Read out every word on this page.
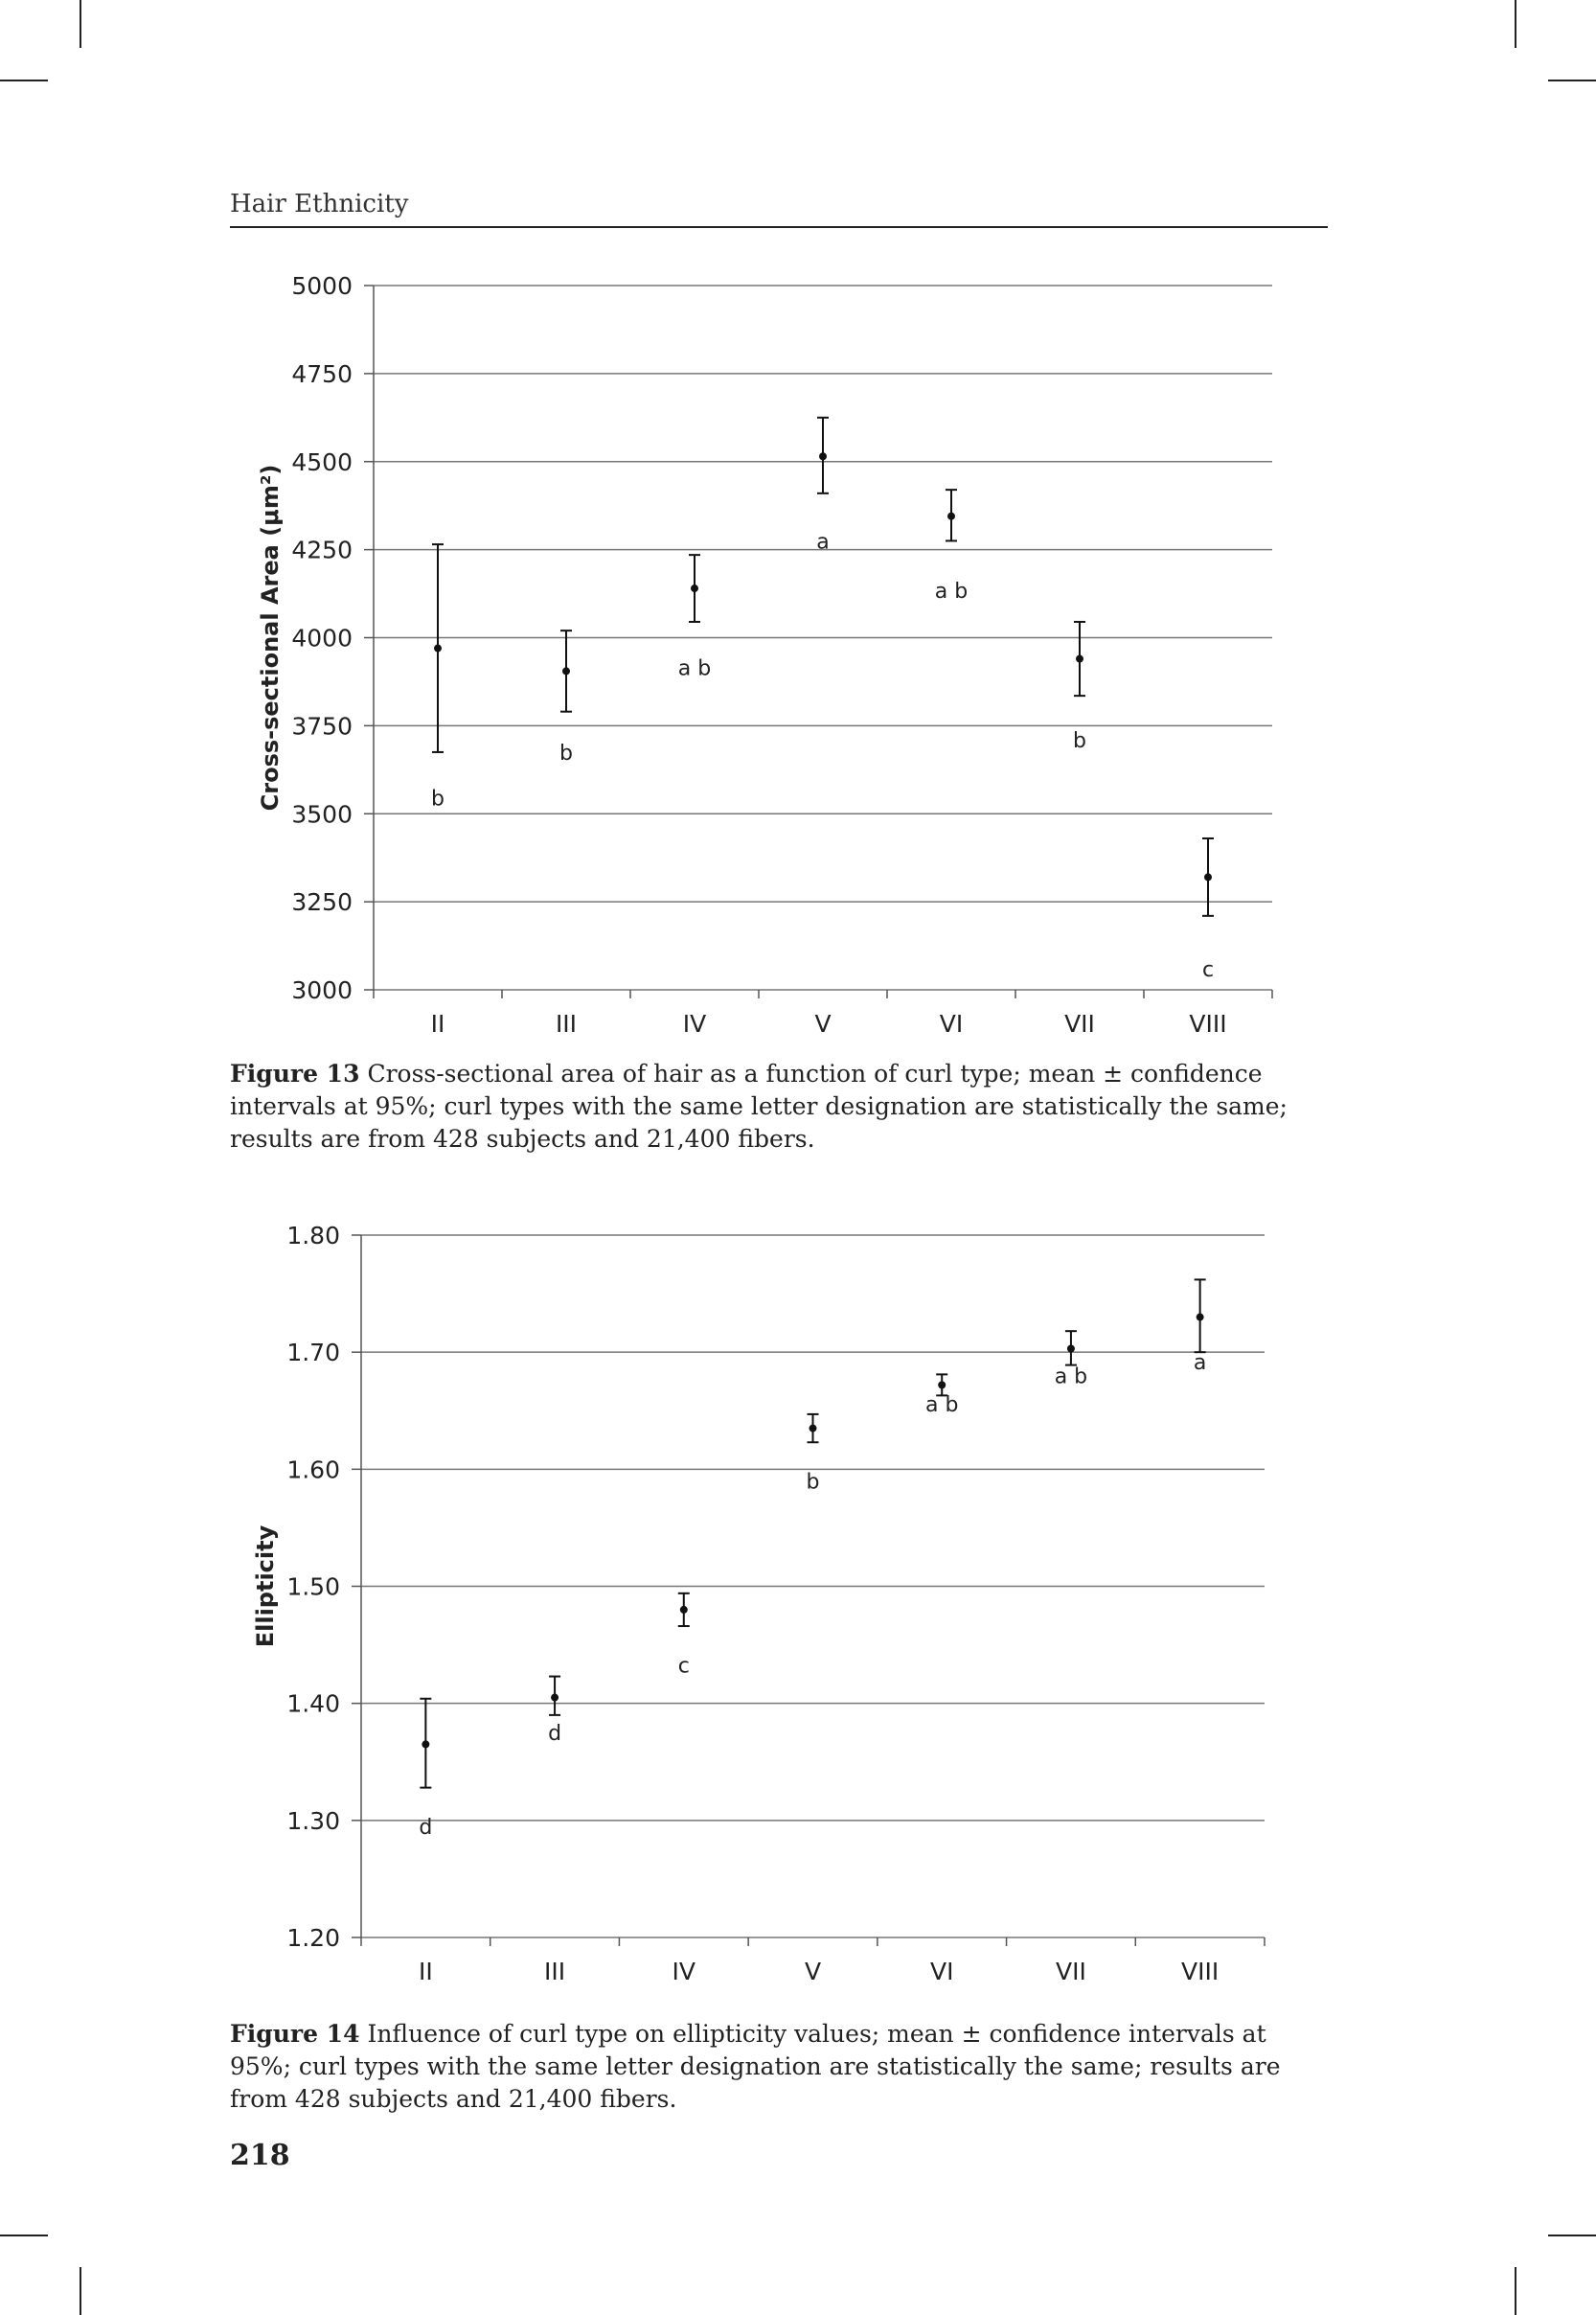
Hair Ethnicity
5000
4750
4500
4250
4000
3750
3500
3250
3000
II	III	IV	V	VI	VII	VIII
Cross-sectional Area (μm²)	b
b
a b
a
a b
b
c
Figure 13 Cross-sectional area of hair as a function of curl type; mean ± confidence intervals at 95%; curl types with the same letter designation are statistically the same; results are from 428 subjects and 21,400 fibers.
1.80
1.70
1.60
1.50
1.40
1.30
1.20
II	III	IV	V	VI	VII	VIII
Ellipticity
d
d
c
b
a b
a b
a
Figure 14 Influence of curl type on ellipticity values; mean ± confidence intervals at 95%; curl types with the same letter designation are statistically the same; results are from 428 subjects and 21,400 fibers.
218
